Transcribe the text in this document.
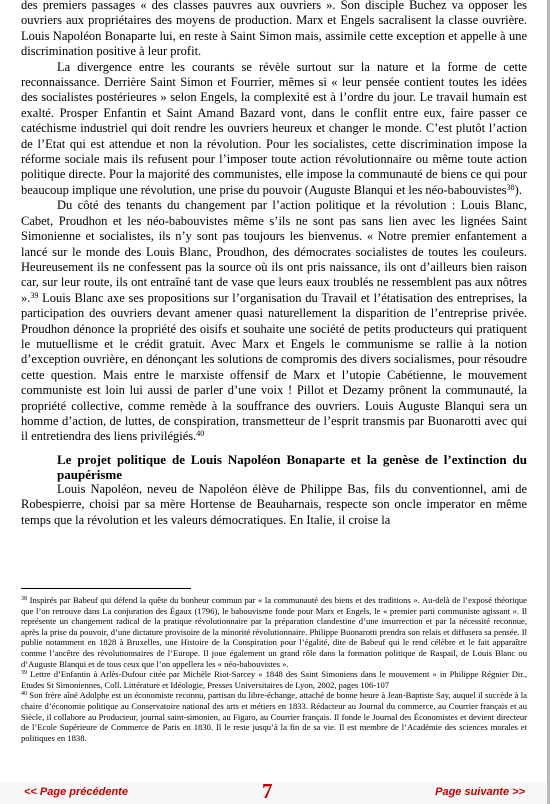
des premiers passages « des classes pauvres aux ouvriers ». Son disciple Buchez va opposer les ouvriers aux propriétaires des moyens de production. Marx et Engels sacralisent la classe ouvrière. Louis Napoléon Bonaparte lui, en reste à Saint Simon mais, assimile cette exception et appelle à une discrimination positive à leur profit.

La divergence entre les courants se révèle surtout sur la nature et la forme de cette reconnaissance. Derrière Saint Simon et Fourrier, mêmes si « leur pensée contient toutes les idées des socialistes postérieures » selon Engels, la complexité est à l’ordre du jour. Le travail humain est exalté. Prosper Enfantin et Saint Amand Bazard vont, dans le conflit entre eux, faire passer ce catéchisme industriel qui doit rendre les ouvriers heureux et changer le monde. C’est plutôt l’action de l’Etat qui est attendue et non la révolution. Pour les socialistes, cette discrimination impose la réforme sociale mais ils refusent pour l’imposer toute action révolutionnaire ou même toute action politique directe. Pour la majorité des communistes, elle impose la communauté de biens ce qui pour beaucoup implique une révolution, une prise du pouvoir (Auguste Blanqui et les néo-babouvistes$^{38}$).

Du côté des tenants du changement par l’action politique et la révolution : Louis Blanc, Cabet, Proudhon et les néo-babouvistes même s’ils ne sont pas sans lien avec les lignées Saint Simonienne et socialistes, ils n’y sont pas toujours les bienvenus. « Notre premier enfantement a lancé sur le monde des Louis Blanc, Proudhon, des démocrates socialistes de toutes les couleurs. Heureusement ils ne confessent pas la source où ils ont pris naissance, ils ont d’ailleurs bien raison car, sur leur route, ils ont entraîné tant de vase que leurs eaux troublés ne ressemblent pas aux nôtres ».$^{39}$ Louis Blanc axe ses propositions sur l’organisation du Travail et l’étatisation des entreprises, la participation des ouvriers devant amener quasi naturellement la disparition de l’entreprise privée. Proudhon dénonce la propriété des oisifs et souhaite une société de petits producteurs qui pratiquent le mutuellisme et le crédit gratuit. Avec Marx et Engels le communisme se rallie à la notion d’exception ouvrière, en dénonçant les solutions de compromis des divers socialismes, pour résoudre cette question. Mais entre le marxiste offensif de Marx et l’utopie Cabétienne, le mouvement communiste est loin lui aussi de parler d’une voix ! Pillot et Dezamy prônent la communauté, la propriété collective, comme remède à la souffrance des ouvriers. Louis Auguste Blanqui sera un homme d’action, de luttes, de conspiration, transmetteur de l’esprit transmis par Buonarotti avec qui il entretiendra des liens privilégiés.$^{40}$

Le projet politique de Louis Napoléon Bonaparte et la genèse de l’extinction du paupérisme

Louis Napoléon, neveu de Napoléon élève de Philippe Bas, fils du conventionnel, ami de Robespierre, choisi par sa mère Hortense de Beauharnais, respecte son oncle imperator en même temps que la révolution et les valeurs démocratiques. En Italie, il croise la

$^{38}$ Inspirés par Babeuf qui défend la quête du bonheur commun par « la communauté des biens et des traditions ». Au-delà de l’exposé théorique que l’on retrouve dans La conjuration des Égaux (1796), le babouvisme fonde pour Marx et Engels, le « premier parti communiste agissant ». Il représente un changement radical de la pratique révolutionnaire par la préparation clandestine d’une insurrection et par la nécessité reconnue, après la prise du pouvoir, d’une dictature provisoire de la minorité révolutionnaire. Philippe Buonarotti prendra son relais et diffusera sa pensée. Il publie notamment en 1828 à Bruxelles, une Histoire de la Conspiration pour l’égalité, dite de Babeuf qui le rend célèbre et le fait apparaître comme l’ancêtre des révolutionnaires de l’Europe. Il joue également un grand rôle dans la formation politique de Raspail, de Louis Blanc ou d’Auguste Blanqui et de tous ceux que l’on appellera les « néo-babouvistes ».

$^{39}$ Lettre d’Enfantin à Arlès-Dufour citée par Michèle Riot-Sarcey « 1848 des Saint Simoniens dans le mouvement » in Philippe Régnier Dir., Etudes St Simoniennes, Coll. Littérature et Idéologie, Presses Universitaires de Lyon, 2002, pages 106-107

$^{40}$ Son frère aîné Adolphe est un économiste reconnu, partisan du libre-échange, attaché de bonne heure à Jean-Baptiste Say, auquel il succède à la chaire d’économie politique au Conservatoire national des arts et métiers en 1833. Rédacteur au Journal du commerce, au Courrier français et au Siècle, il collabore au Producteur, journal saint-simonien, au Figaro, au Courrier français. Il fonde le Journal des Économistes et devient directeur de l’Ecole Supérieure de Commerce de Paris en 1830. Il le reste jusqu’à la fin de sa vie. Il est membre de l’Académie des sciences morales et politiques en 1838.

<< Page précédente	7	Page suivante >>
